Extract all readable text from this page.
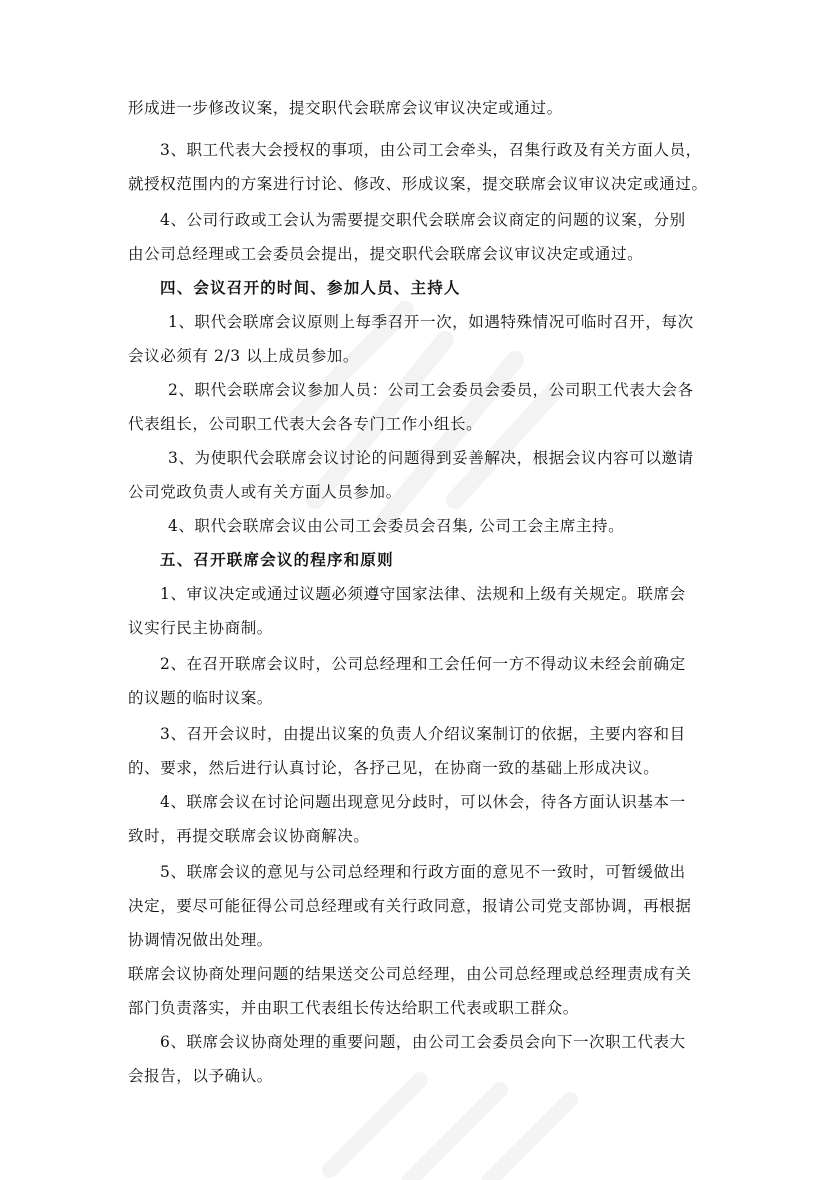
形成进一步修改议案，提交职代会联席会议审议决定或通过。
3、职工代表大会授权的事项，由公司工会牵头，召集行政及有关方面人员，
就授权范围内的方案进行讨论、修改、形成议案，提交联席会议审议决定或通过。
4、公司行政或工会认为需要提交职代会联席会议商定的问题的议案，分别
由公司总经理或工会委员会提出，提交职代会联席会议审议决定或通过。
四、会议召开的时间、参加人员、主持人
1、职代会联席会议原则上每季召开一次，如遇特殊情况可临时召开，每次
会议必须有 2/3 以上成员参加。
2、职代会联席会议参加人员：公司工会委员会委员，公司职工代表大会各
代表组长，公司职工代表大会各专门工作小组长。
3、为使职代会联席会议讨论的问题得到妥善解决，根据会议内容可以邀请
公司党政负责人或有关方面人员参加。
4、职代会联席会议由公司工会委员会召集, 公司工会主席主持。
五、召开联席会议的程序和原则
1、审议决定或通过议题必须遵守国家法律、法规和上级有关规定。联席会
议实行民主协商制。
2、在召开联席会议时，公司总经理和工会任何一方不得动议未经会前确定
的议题的临时议案。
3、召开会议时，由提出议案的负责人介绍议案制订的依据，主要内容和目
的、要求，然后进行认真讨论，各抒己见，在协商一致的基础上形成决议。
4、联席会议在讨论问题出现意见分歧时，可以休会，待各方面认识基本一
致时，再提交联席会议协商解决。
5、联席会议的意见与公司总经理和行政方面的意见不一致时，可暂缓做出
决定，要尽可能征得公司总经理或有关行政同意，报请公司党支部协调，再根据
协调情况做出处理。
联席会议协商处理问题的结果送交公司总经理，由公司总经理或总经理责成有关
部门负责落实，并由职工代表组长传达给职工代表或职工群众。
6、联席会议协商处理的重要问题，由公司工会委员会向下一次职工代表大
会报告，以予确认。
